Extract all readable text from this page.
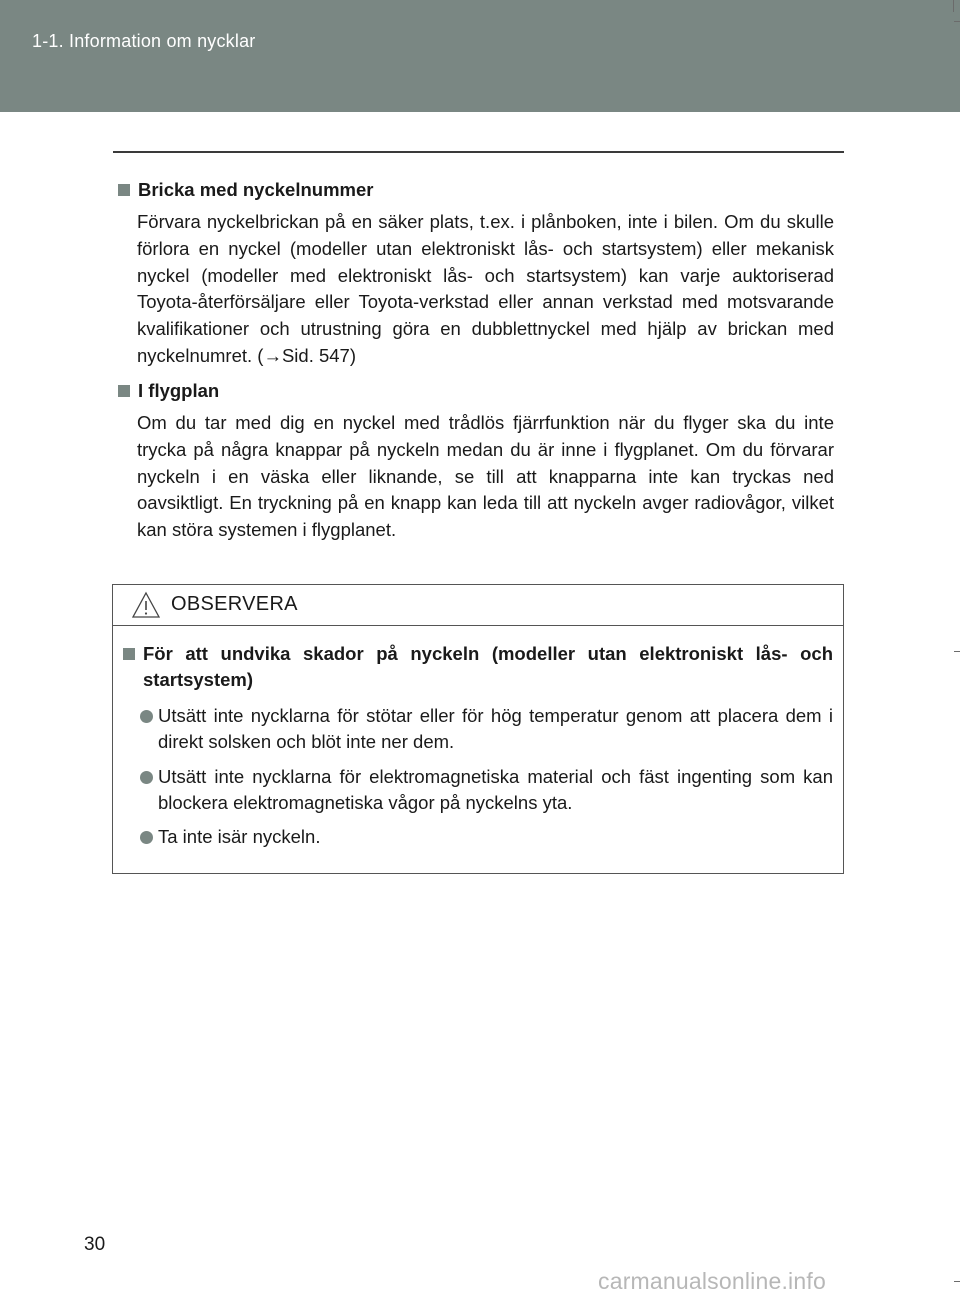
1-1. Information om nycklar
Bricka med nyckelnummer
Förvara nyckelbrickan på en säker plats, t.ex. i plånboken, inte i bilen. Om du skulle förlora en nyckel (modeller utan elektroniskt lås- och startsystem) eller mekanisk nyckel (modeller med elektroniskt lås- och startsystem) kan varje auktoriserad Toyota-återförsäljare eller Toyota-verkstad eller annan verkstad med motsvarande kvalifikationer och utrustning göra en dubblettnyckel med hjälp av brickan med nyckelnumret. (→Sid. 547)
I flygplan
Om du tar med dig en nyckel med trådlös fjärrfunktion när du flyger ska du inte trycka på några knappar på nyckeln medan du är inne i flygplanet. Om du förvarar nyckeln i en väska eller liknande, se till att knapparna inte kan tryckas ned oavsiktligt. En tryckning på en knapp kan leda till att nyckeln avger radiovågor, vilket kan störa systemen i flygplanet.
OBSERVERA
För att undvika skador på nyckeln (modeller utan elektroniskt lås- och startsystem)
Utsätt inte nycklarna för stötar eller för hög temperatur genom att placera dem i direkt solsken och blöt inte ner dem.
Utsätt inte nycklarna för elektromagnetiska material och fäst ingenting som kan blockera elektromagnetiska vågor på nyckelns yta.
Ta inte isär nyckeln.
30
carmanualsonline.info
